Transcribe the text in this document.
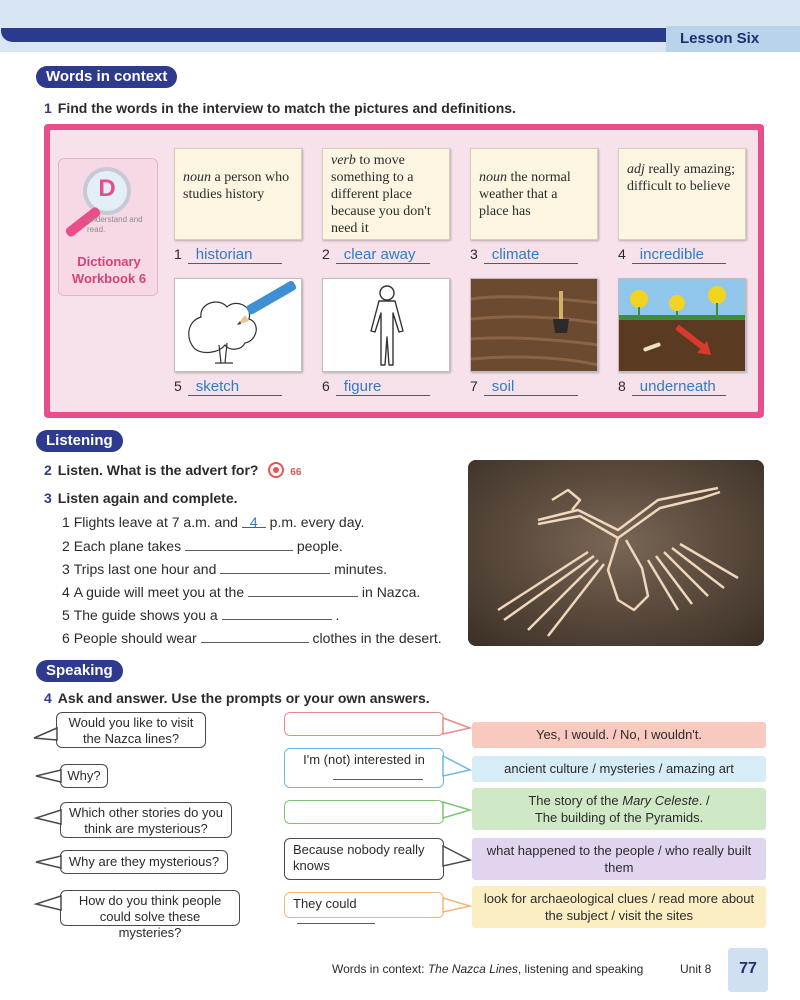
Lesson Six
Words in context
1 Find the words in the interview to match the pictures and definitions.
D
understand and read.
Dictionary
Workbook 6
noun a person who studies history
verb to move something to a different place because you don't need it
noun the normal weather that a place has
adj really amazing; difficult to believe
1 historian	2 clear away	3 climate	4 incredible
5 sketch	6 figure	7 soil	8 underneath
Listening
2 Listen. What is the advert for?	66
3 Listen again and complete.
1 Flights leave at 7 a.m. and 4 p.m. every day.
2 Each plane takes	people.
3 Trips last one hour and	minutes.
4 A guide will meet you at the	in Nazca.
5 The guide shows you a	.
6 People should wear	clothes in the desert.
Speaking
4 Ask and answer. Use the prompts or your own answers.
Would you like to visit the Nazca lines?
Why?
Which other stories do you think are mysterious?
Why are they mysterious?
How do you think people could solve these mysteries?
I'm (not) interested in
Because nobody really knows
They could
Yes, I would. / No, I wouldn't.
ancient culture / mysteries / amazing art
The story of the Mary Celeste. /
The building of the Pyramids.
what happened to the people / who really built them
look for archaeological clues / read more about the subject / visit the sites
Words in context: The Nazca Lines, listening and speaking	Unit 8	77
